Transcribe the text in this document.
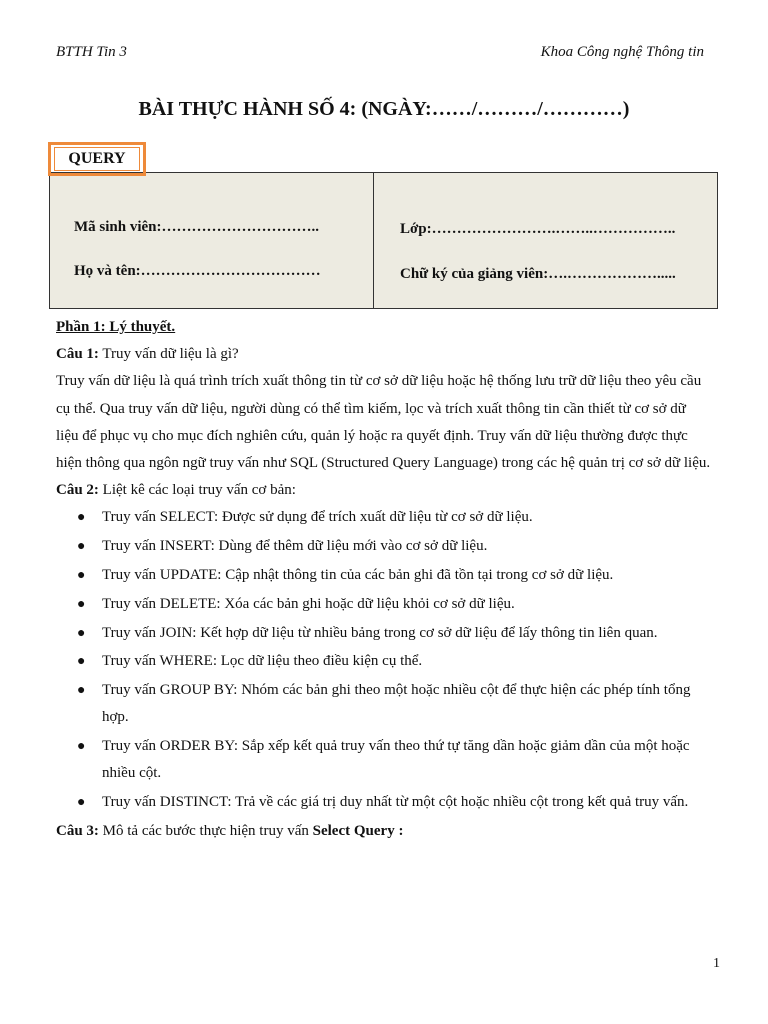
BTTH Tin 3	Khoa Công nghệ Thông tin
BÀI THỰC HÀNH SỐ 4: (NGÀY:……/………/…………)
Mã sinh viên:…………………………..
Họ và tên:………………………………
Lớp:…………………….……..……………..
Chữ ký của giảng viên:….……………….....
QUERY

Phần 1: Lý thuyết.

Câu 1: Truy vấn dữ liệu là gì?

Truy vấn dữ liệu là quá trình trích xuất thông tin từ cơ sở dữ liệu hoặc hệ thống lưu trữ dữ liệu theo yêu cầu cụ thể. Qua truy vấn dữ liệu, người dùng có thể tìm kiếm, lọc và trích xuất thông tin cần thiết từ cơ sở dữ liệu để phục vụ cho mục đích nghiên cứu, quản lý hoặc ra quyết định. Truy vấn dữ liệu thường được thực hiện thông qua ngôn ngữ truy vấn như SQL (Structured Query Language) trong các hệ quản trị cơ sở dữ liệu.

Câu 2: Liệt kê các loại truy vấn cơ bản:

● Truy vấn SELECT: Được sử dụng để trích xuất dữ liệu từ cơ sở dữ liệu.
● Truy vấn INSERT: Dùng để thêm dữ liệu mới vào cơ sở dữ liệu.
● Truy vấn UPDATE: Cập nhật thông tin của các bản ghi đã tồn tại trong cơ sở dữ liệu.
● Truy vấn DELETE: Xóa các bản ghi hoặc dữ liệu khỏi cơ sở dữ liệu.
● Truy vấn JOIN: Kết hợp dữ liệu từ nhiều bảng trong cơ sở dữ liệu để lấy thông tin liên quan.
● Truy vấn WHERE: Lọc dữ liệu theo điều kiện cụ thể.
● Truy vấn GROUP BY: Nhóm các bản ghi theo một hoặc nhiều cột để thực hiện các phép tính tổng hợp.
● Truy vấn ORDER BY: Sắp xếp kết quả truy vấn theo thứ tự tăng dần hoặc giảm dần của một hoặc nhiều cột.
● Truy vấn DISTINCT: Trả về các giá trị duy nhất từ một cột hoặc nhiều cột trong kết quả truy vấn.

Câu 3: Mô tả các bước thực hiện truy vấn Select Query :

1
